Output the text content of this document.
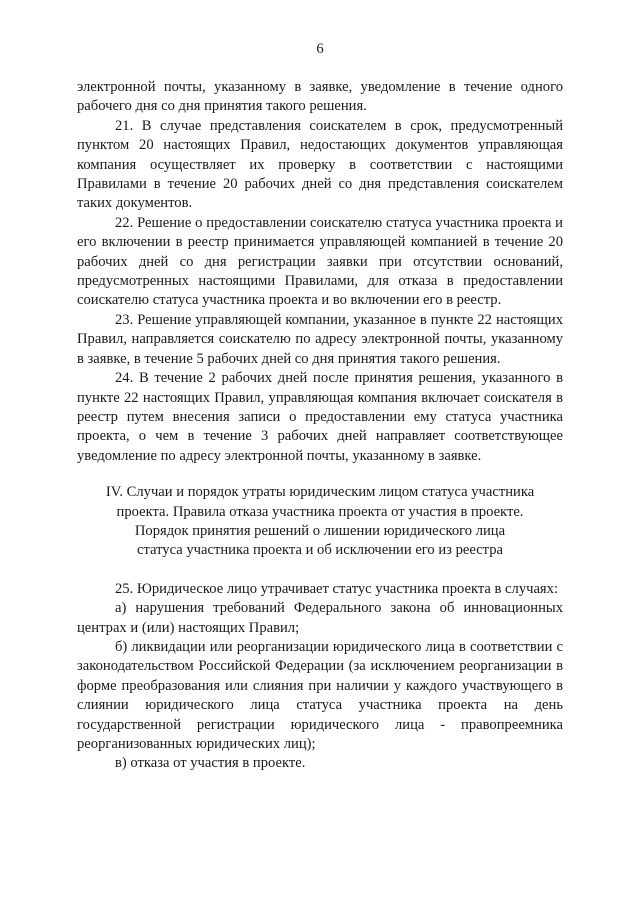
6

электронной почты, указанному в заявке, уведомление в течение одного рабочего дня со дня принятия такого решения.

21. В случае представления соискателем в срок, предусмотренный пунктом 20 настоящих Правил, недостающих документов управляющая компания осуществляет их проверку в соответствии с настоящими Правилами в течение 20 рабочих дней со дня представления соискателем таких документов.

22. Решение о предоставлении соискателю статуса участника проекта и его включении в реестр принимается управляющей компанией в течение 20 рабочих дней со дня регистрации заявки при отсутствии оснований, предусмотренных настоящими Правилами, для отказа в предоставлении соискателю статуса участника проекта и во включении его в реестр.

23. Решение управляющей компании, указанное в пункте 22 настоящих Правил, направляется соискателю по адресу электронной почты, указанному в заявке, в течение 5 рабочих дней со дня принятия такого решения.

24. В течение 2 рабочих дней после принятия решения, указанного в пункте 22 настоящих Правил, управляющая компания включает соискателя в реестр путем внесения записи о предоставлении ему статуса участника проекта, о чем в течение 3 рабочих дней направляет соответствующее уведомление по адресу электронной почты, указанному в заявке.

IV. Случаи и порядок утраты юридическим лицом статуса участника
проекта. Правила отказа участника проекта от участия в проекте.
Порядок принятия решений о лишении юридического лица
статуса участника проекта и об исключении его из реестра

25. Юридическое лицо утрачивает статус участника проекта в случаях:

а) нарушения требований Федерального закона об инновационных центрах и (или) настоящих Правил;

б) ликвидации или реорганизации юридического лица в соответствии с законодательством Российской Федерации (за исключением реорганизации в форме преобразования или слияния при наличии у каждого участвующего в слиянии юридического лица статуса участника проекта на день государственной регистрации юридического лица - правопреемника реорганизованных юридических лиц);

в) отказа от участия в проекте.
